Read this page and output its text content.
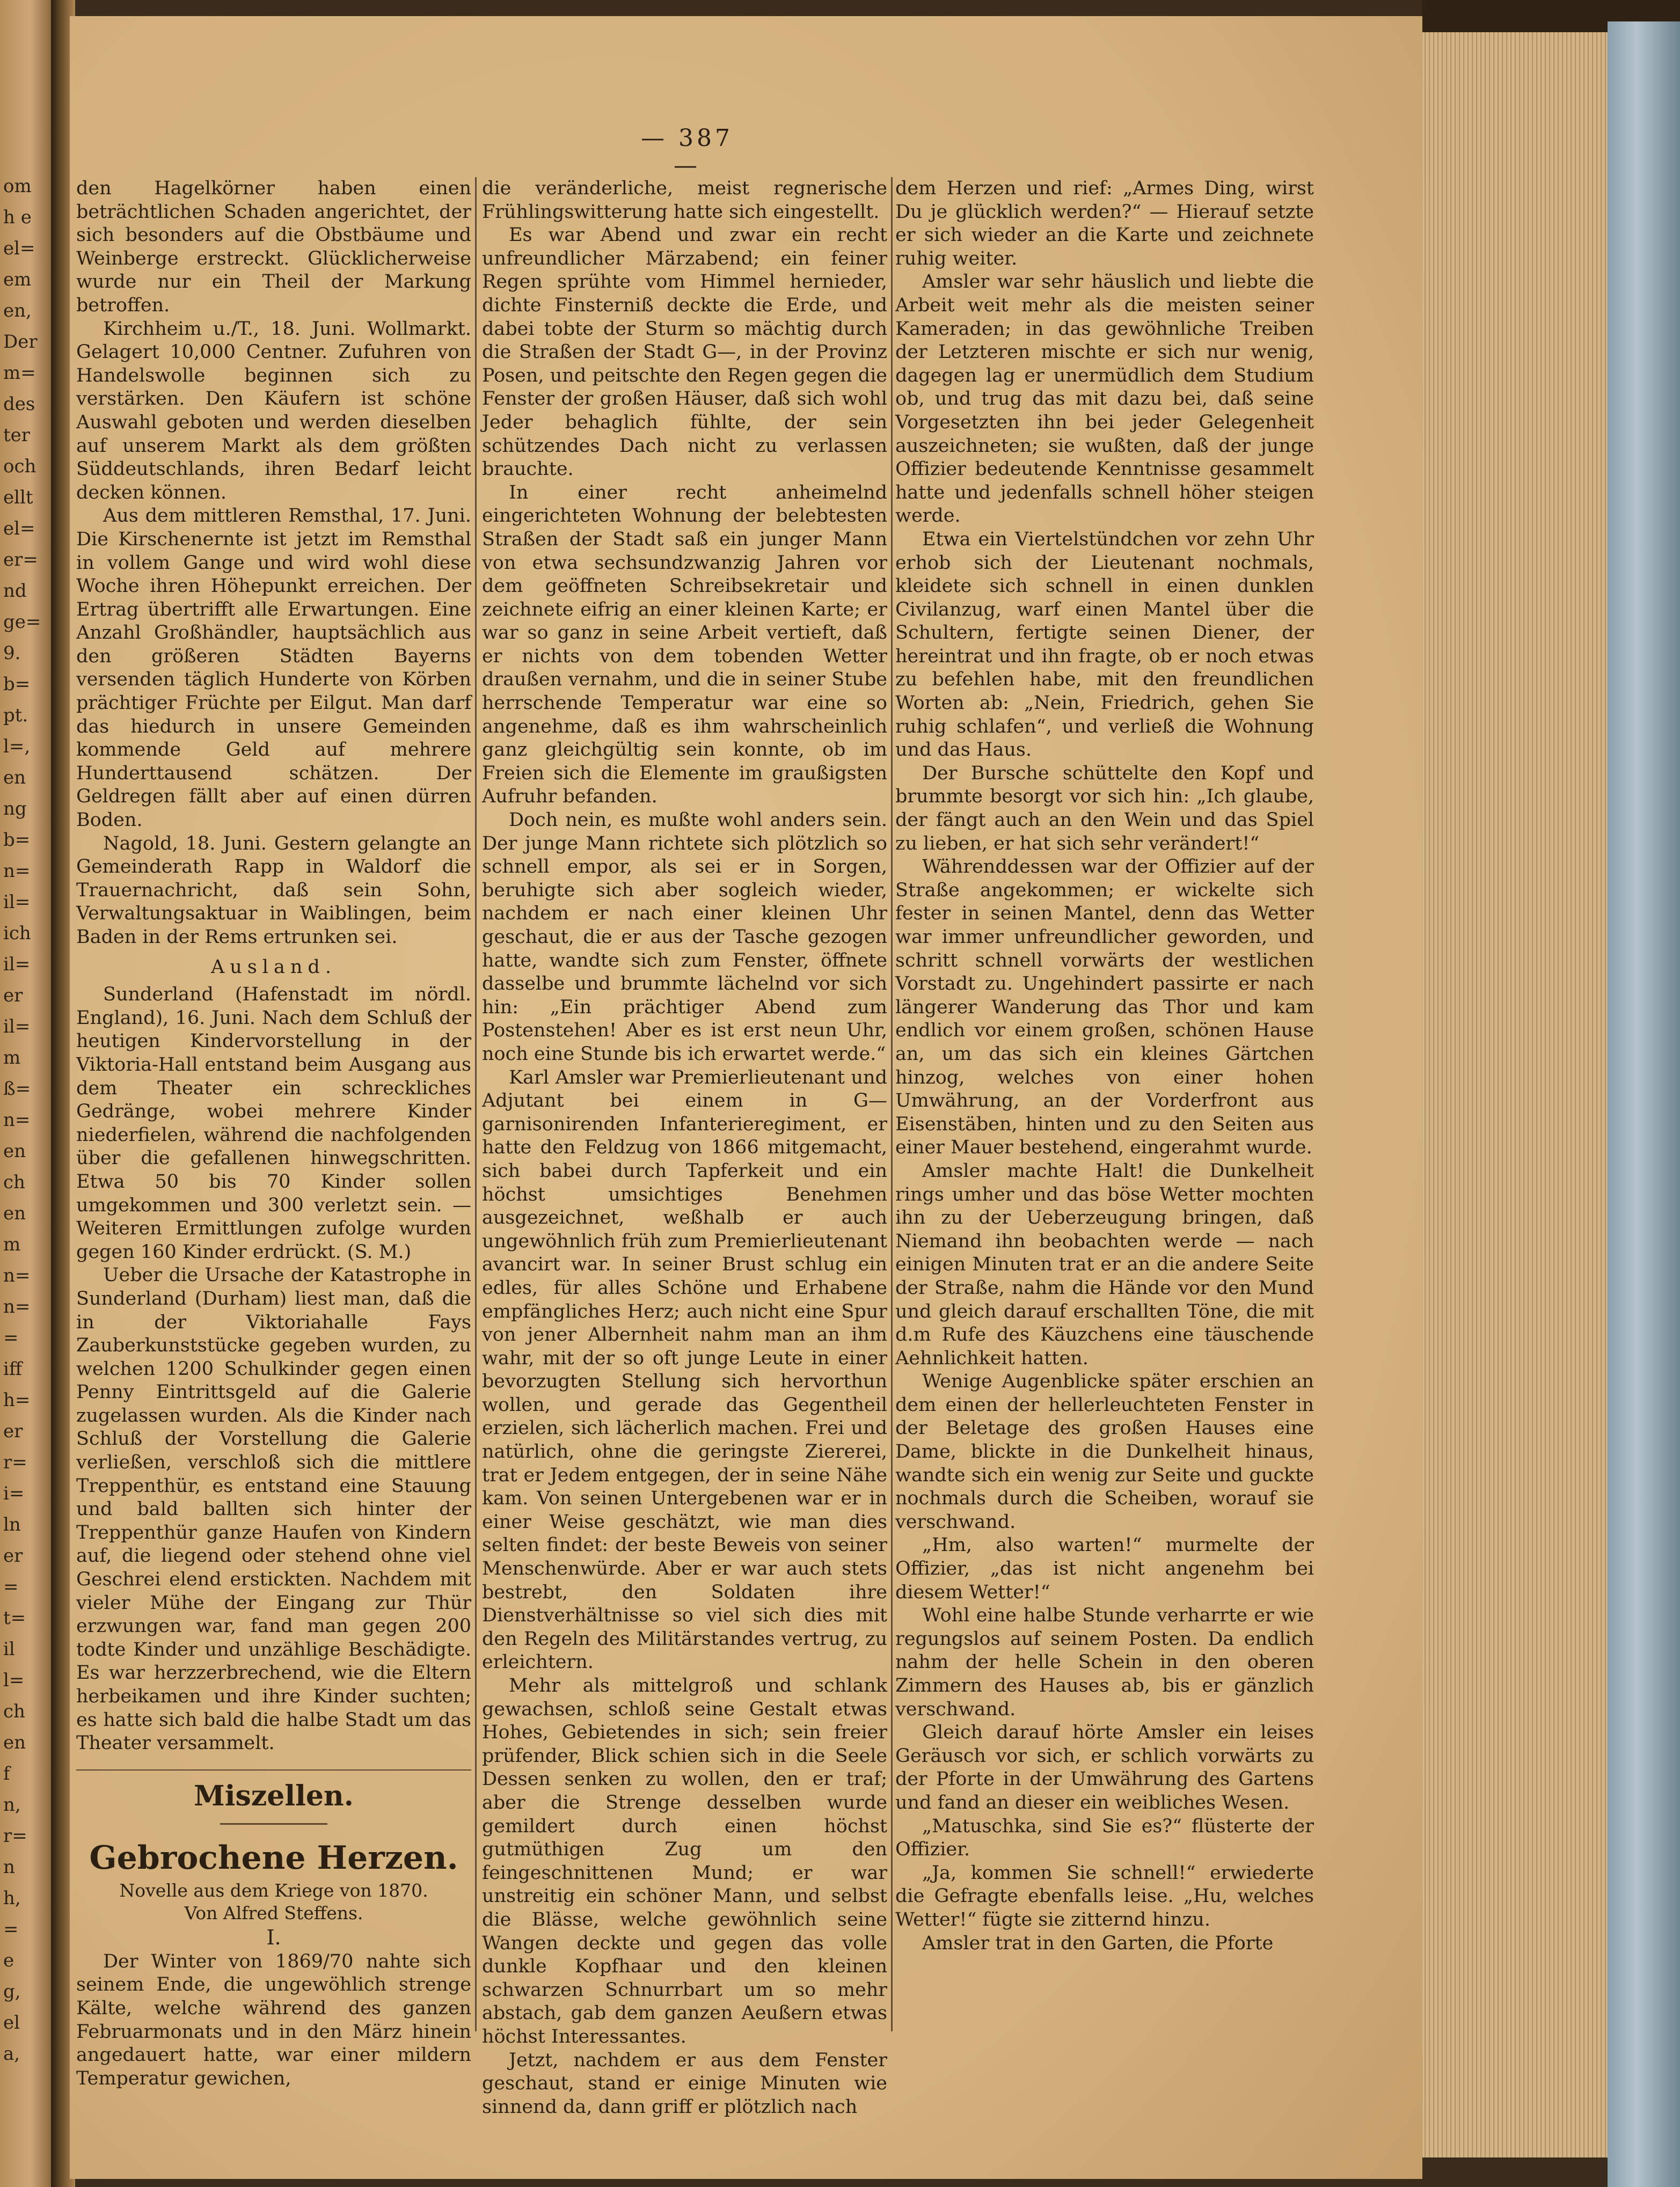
om
h e
el=
em
en,
Der
m=
des
ter
och
ellt
el=
er=
nd
ge=
9.
b=
pt.
l=,
en
ng
b=
n=
il=
ich
il=
er
il=
m
ß=
n=
en
ch
en
m
n=
n=
=
iff
h=
er
r=
i=
ln
er
=
t=
il
l=
ch
en
f
n,
r=
n
h,
=
e
g,
el
a,
— 387 —

den Hagelkörner haben einen beträchtlichen Schaden angerichtet, der sich besonders auf die Obstbäume und Weinberge erstreckt. Glücklicherweise wurde nur ein Theil der Markung betroffen.

Kirchheim u./T., 18. Juni. Wollmarkt. Gelagert 10,000 Centner. Zufuhren von Handelswolle beginnen sich zu verstärken. Den Käufern ist schöne Auswahl geboten und werden dieselben auf unserem Markt als dem größten Süddeutschlands, ihren Bedarf leicht decken können.

Aus dem mittleren Remsthal, 17. Juni. Die Kirschenernte ist jetzt im Remsthal in vollem Gange und wird wohl diese Woche ihren Höhepunkt erreichen. Der Ertrag übertrifft alle Erwartungen. Eine Anzahl Großhändler, hauptsächlich aus den größeren Städten Bayerns versenden täglich Hunderte von Körben prächtiger Früchte per Eilgut. Man darf das hiedurch in unsere Gemeinden kommende Geld auf mehrere Hunderttausend schätzen. Der Geldregen fällt aber auf einen dürren Boden.

Nagold, 18. Juni. Gestern gelangte an Gemeinderath Rapp in Waldorf die Trauernachricht, daß sein Sohn, Verwaltungsaktuar in Waiblingen, beim Baden in der Rems ertrunken sei.

Ausland.

Sunderland (Hafenstadt im nördl. England), 16. Juni. Nach dem Schluß der heutigen Kindervorstellung in der Viktoria-Hall entstand beim Ausgang aus dem Theater ein schreckliches Gedränge, wobei mehrere Kinder niederfielen, während die nachfolgenden über die gefallenen hinwegschritten. Etwa 50 bis 70 Kinder sollen umgekommen und 300 verletzt sein. — Weiteren Ermittlungen zufolge wurden gegen 160 Kinder erdrückt. (S. M.)

Ueber die Ursache der Katastrophe in Sunderland (Durham) liest man, daß die in der Viktoriahalle Fays Zauberkunststücke gegeben wurden, zu welchen 1200 Schulkinder gegen einen Penny Eintrittsgeld auf die Galerie zugelassen wurden. Als die Kinder nach Schluß der Vorstellung die Galerie verließen, verschloß sich die mittlere Treppenthür, es entstand eine Stauung und bald ballten sich hinter der Treppenthür ganze Haufen von Kindern auf, die liegend oder stehend ohne viel Geschrei elend erstickten. Nachdem mit vieler Mühe der Eingang zur Thür erzwungen war, fand man gegen 200 todte Kinder und unzählige Beschädigte. Es war herzzerbrechend, wie die Eltern herbeikamen und ihre Kinder suchten; es hatte sich bald die halbe Stadt um das Theater versammelt.

Miszellen.

Gebrochene Herzen.

Novelle aus dem Kriege von 1870.

Von Alfred Steffens.

I.

Der Winter von 1869/70 nahte sich seinem Ende, die ungewöhlich strenge Kälte, welche während des ganzen Februarmonats und in den März hinein angedauert hatte, war einer mildern Temperatur gewichen,

die veränderliche, meist regnerische Frühlingswitterung hatte sich eingestellt.

Es war Abend und zwar ein recht unfreundlicher Märzabend; ein feiner Regen sprühte vom Himmel hernieder, dichte Finsterniß deckte die Erde, und dabei tobte der Sturm so mächtig durch die Straßen der Stadt G—, in der Provinz Posen, und peitschte den Regen gegen die Fenster der großen Häuser, daß sich wohl Jeder behaglich fühlte, der sein schützendes Dach nicht zu verlassen brauchte.

In einer recht anheimelnd eingerichteten Wohnung der belebtesten Straßen der Stadt saß ein junger Mann von etwa sechsundzwanzig Jahren vor dem geöffneten Schreibsekretair und zeichnete eifrig an einer kleinen Karte; er war so ganz in seine Arbeit vertieft, daß er nichts von dem tobenden Wetter draußen vernahm, und die in seiner Stube herrschende Temperatur war eine so angenehme, daß es ihm wahrscheinlich ganz gleichgültig sein konnte, ob im Freien sich die Elemente im graußigsten Aufruhr befanden.

Doch nein, es mußte wohl anders sein. Der junge Mann richtete sich plötzlich so schnell empor, als sei er in Sorgen, beruhigte sich aber sogleich wieder, nachdem er nach einer kleinen Uhr geschaut, die er aus der Tasche gezogen hatte, wandte sich zum Fenster, öffnete dasselbe und brummte lächelnd vor sich hin: „Ein prächtiger Abend zum Postenstehen! Aber es ist erst neun Uhr, noch eine Stunde bis ich erwartet werde.“

Karl Amsler war Premierlieutenant und Adjutant bei einem in G— garnisonirenden Infanterieregiment, er hatte den Feldzug von 1866 mitgemacht, sich babei durch Tapferkeit und ein höchst umsichtiges Benehmen ausgezeichnet, weßhalb er auch ungewöhnlich früh zum Premierlieutenant avancirt war. In seiner Brust schlug ein edles, für alles Schöne und Erhabene empfängliches Herz; auch nicht eine Spur von jener Albernheit nahm man an ihm wahr, mit der so oft junge Leute in einer bevorzugten Stellung sich hervorthun wollen, und gerade das Gegentheil erzielen, sich lächerlich machen. Frei und natürlich, ohne die geringste Ziererei, trat er Jedem entgegen, der in seine Nähe kam. Von seinen Untergebenen war er in einer Weise geschätzt, wie man dies selten findet: der beste Beweis von seiner Menschenwürde. Aber er war auch stets bestrebt, den Soldaten ihre Dienstverhältnisse so viel sich dies mit den Regeln des Militärstandes vertrug, zu erleichtern.

Mehr als mittelgroß und schlank gewachsen, schloß seine Gestalt etwas Hohes, Gebietendes in sich; sein freier prüfender, Blick schien sich in die Seele Dessen senken zu wollen, den er traf; aber die Strenge desselben wurde gemildert durch einen höchst gutmüthigen Zug um den feingeschnittenen Mund; er war unstreitig ein schöner Mann, und selbst die Blässe, welche gewöhnlich seine Wangen deckte und gegen das volle dunkle Kopfhaar und den kleinen schwarzen Schnurrbart um so mehr abstach, gab dem ganzen Aeußern etwas höchst Interessantes.

Jetzt, nachdem er aus dem Fenster geschaut, stand er einige Minuten wie sinnend da, dann griff er plötzlich nach

dem Herzen und rief: „Armes Ding, wirst Du je glücklich werden?“ — Hierauf setzte er sich wieder an die Karte und zeichnete ruhig weiter.

Amsler war sehr häuslich und liebte die Arbeit weit mehr als die meisten seiner Kameraden; in das gewöhnliche Treiben der Letzteren mischte er sich nur wenig, dagegen lag er unermüdlich dem Studium ob, und trug das mit dazu bei, daß seine Vorgesetzten ihn bei jeder Gelegenheit auszeichneten; sie wußten, daß der junge Offizier bedeutende Kenntnisse gesammelt hatte und jedenfalls schnell höher steigen werde.

Etwa ein Viertelstündchen vor zehn Uhr erhob sich der Lieutenant nochmals, kleidete sich schnell in einen dunklen Civilanzug, warf einen Mantel über die Schultern, fertigte seinen Diener, der hereintrat und ihn fragte, ob er noch etwas zu befehlen habe, mit den freundlichen Worten ab: „Nein, Friedrich, gehen Sie ruhig schlafen“, und verließ die Wohnung und das Haus.

Der Bursche schüttelte den Kopf und brummte besorgt vor sich hin: „Ich glaube, der fängt auch an den Wein und das Spiel zu lieben, er hat sich sehr verändert!“

Währenddessen war der Offizier auf der Straße angekommen; er wickelte sich fester in seinen Mantel, denn das Wetter war immer unfreundlicher geworden, und schritt schnell vorwärts der westlichen Vorstadt zu. Ungehindert passirte er nach längerer Wanderung das Thor und kam endlich vor einem großen, schönen Hause an, um das sich ein kleines Gärtchen hinzog, welches von einer hohen Umwährung, an der Vorderfront aus Eisenstäben, hinten und zu den Seiten aus einer Mauer bestehend, eingerahmt wurde.

Amsler machte Halt! die Dunkelheit rings umher und das böse Wetter mochten ihn zu der Ueberzeugung bringen, daß Niemand ihn beobachten werde — nach einigen Minuten trat er an die andere Seite der Straße, nahm die Hände vor den Mund und gleich darauf erschallten Töne, die mit d.m Rufe des Käuzchens eine täuschende Aehnlichkeit hatten.

Wenige Augenblicke später erschien an dem einen der hellerleuchteten Fenster in der Beletage des großen Hauses eine Dame, blickte in die Dunkelheit hinaus, wandte sich ein wenig zur Seite und guckte nochmals durch die Scheiben, worauf sie verschwand.

„Hm, also warten!“ murmelte der Offizier, „das ist nicht angenehm bei diesem Wetter!“

Wohl eine halbe Stunde verharrte er wie regungslos auf seinem Posten. Da endlich nahm der helle Schein in den oberen Zimmern des Hauses ab, bis er gänzlich verschwand.

Gleich darauf hörte Amsler ein leises Geräusch vor sich, er schlich vorwärts zu der Pforte in der Umwährung des Gartens und fand an dieser ein weibliches Wesen.

„Matuschka, sind Sie es?“ flüsterte der Offizier.

„Ja, kommen Sie schnell!“ erwiederte die Gefragte ebenfalls leise. „Hu, welches Wetter!“ fügte sie zitternd hinzu.

Amsler trat in den Garten, die Pforte
